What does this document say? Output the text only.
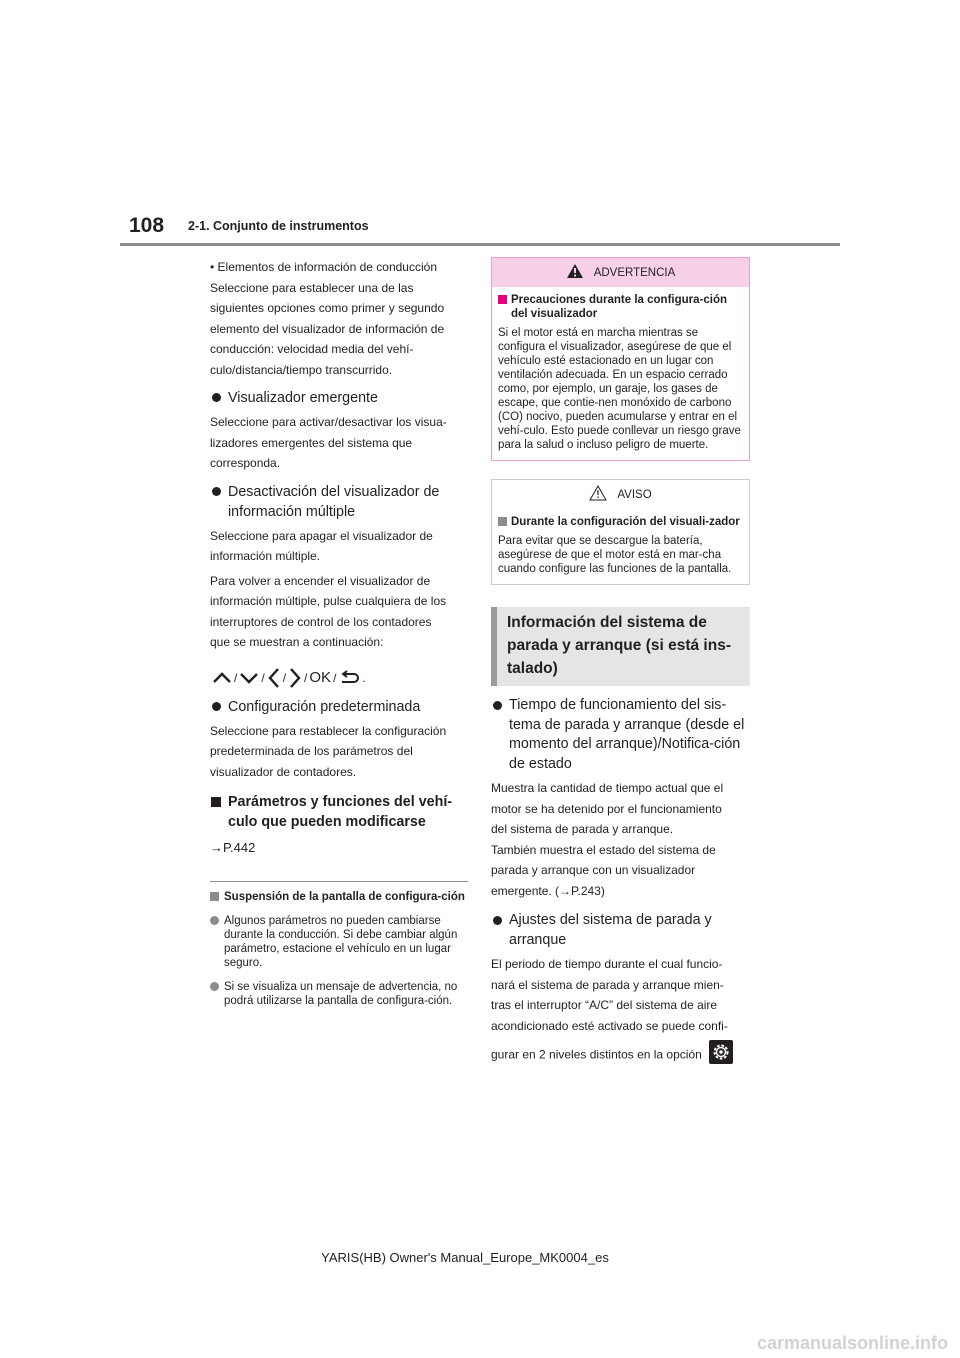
108 2-1. Conjunto de instrumentos

• Elementos de información de conducción

Seleccione para establecer una de las

siguientes opciones como primer y segundo

elemento del visualizador de información de

conducción: velocidad media del vehí-

culo/distancia/tiempo transcurrido.

Visualizador emergente

Seleccione para activar/desactivar los visua-

lizadores emergentes del sistema que

corresponda.

Desactivación del visualizador de información múltiple

Seleccione para apagar el visualizador de

información múltiple.

Para volver a encender el visualizador de

información múltiple, pulse cualquiera de los

interruptores de control de los contadores

que se muestran a continuación:

/ / / / OK / .
Configuración predeterminada

Seleccione para restablecer la configuración

predeterminada de los parámetros del

visualizador de contadores.

Parámetros y funciones del vehí-culo que pueden modificarse

→P.442

Suspensión de la pantalla de configura-ción
Algunos parámetros no pueden cambiarse durante la conducción. Si debe cambiar algún parámetro, estacione el vehículo en un lugar seguro.
Si se visualiza un mensaje de advertencia, no podrá utilizarse la pantalla de configura-ción.
ADVERTENCIA
Precauciones durante la configura-ción del visualizador

Si el motor está en marcha mientras se configura el visualizador, asegúrese de que el vehículo esté estacionado en un lugar con ventilación adecuada. En un espacio cerrado como, por ejemplo, un garaje, los gases de escape, que contie-nen monóxido de carbono (CO) nocivo, pueden acumularse y entrar en el vehí-culo. Esto puede conllevar un riesgo grave para la salud o incluso peligro de muerte.

AVISO
Durante la configuración del visuali-zador

Para evitar que se descargue la batería, asegúrese de que el motor está en mar-cha cuando configure las funciones de la pantalla.

Información del sistema de parada y arranque (si está ins-talado)
Tiempo de funcionamiento del sis-tema de parada y arranque (desde el momento del arranque)/Notifica-ción de estado

Muestra la cantidad de tiempo actual que el

motor se ha detenido por el funcionamiento

del sistema de parada y arranque.

También muestra el estado del sistema de

parada y arranque con un visualizador

emergente. (→P.243)

Ajustes del sistema de parada y arranque

El periodo de tiempo durante el cual funcio-

nará el sistema de parada y arranque mien-

tras el interruptor “A/C” del sistema de aire

acondicionado esté activado se puede confi-

gurar en 2 niveles distintos en la opción

YARIS(HB) Owner's Manual_Europe_MK0004_es
carmanualsonline.info
